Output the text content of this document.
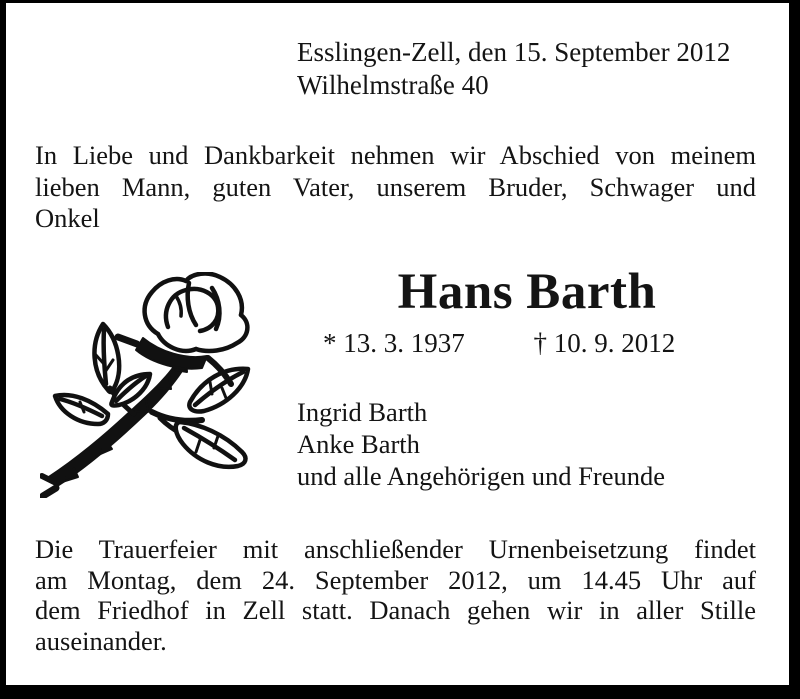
Esslingen-Zell, den 15. September 2012
Wilhelmstraße 40
In Liebe und Dankbarkeit nehmen wir Abschied von meinem
lieben Mann, guten Vater, unserem Bruder, Schwager und
Onkel
Hans Barth
* 13. 3. 1937	† 10. 9. 2012
Ingrid Barth
Anke Barth
und alle Angehörigen und Freunde
Die Trauerfeier mit anschließender Urnenbeisetzung findet
am Montag, dem 24. September 2012, um 14.45 Uhr auf
dem Friedhof in Zell statt. Danach gehen wir in aller Stille
auseinander.
